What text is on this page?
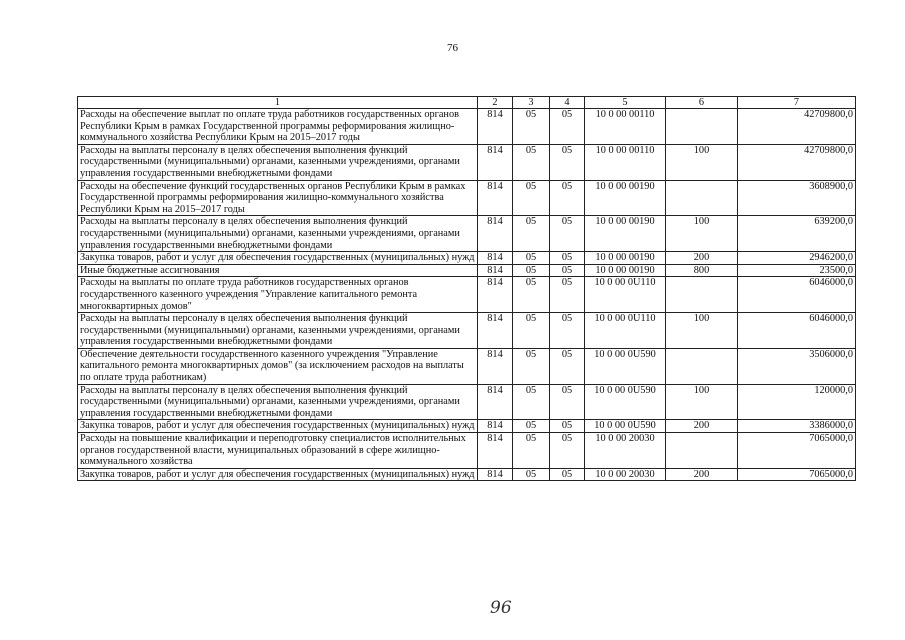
76
1	2	3	4	5	6	7
Расходы на обеспечение выплат по оплате труда работников государственных органов Республики Крым в рамках Государственной программы реформирования жилищно-коммунального хозяйства Республики Крым на 2015–2017 годы	814	05	05	10 0 00 00110		42709800,0
Расходы на выплаты персоналу в целях обеспечения выполнения функций государственными (муниципальными) органами, казенными учреждениями, органами управления государственными внебюджетными фондами	814	05	05	10 0 00 00110	100	42709800,0
Расходы на обеспечение функций государственных органов Республики Крым в рамках Государственной программы реформирования жилищно-коммунального хозяйства Республики Крым на 2015–2017 годы	814	05	05	10 0 00 00190		3608900,0
Расходы на выплаты персоналу в целях обеспечения выполнения функций государственными (муниципальными) органами, казенными учреждениями, органами управления государственными внебюджетными фондами	814	05	05	10 0 00 00190	100	639200,0
Закупка товаров, работ и услуг для обеспечения государственных (муниципальных) нужд	814	05	05	10 0 00 00190	200	2946200,0
Иные бюджетные ассигнования	814	05	05	10 0 00 00190	800	23500,0
Расходы на выплаты по оплате труда работников государственных органов государственного казенного учреждения "Управление капитального ремонта многоквартирных домов"	814	05	05	10 0 00 0U110		6046000,0
Расходы на выплаты персоналу в целях обеспечения выполнения функций государственными (муниципальными) органами, казенными учреждениями, органами управления государственными внебюджетными фондами	814	05	05	10 0 00 0U110	100	6046000,0
Обеспечение деятельности государственного казенного учреждения "Управление капитального ремонта многоквартирных домов" (за исключением расходов на выплаты по оплате труда работникам)	814	05	05	10 0 00 0U590		3506000,0
Расходы на выплаты персоналу в целях обеспечения выполнения функций государственными (муниципальными) органами, казенными учреждениями, органами управления государственными внебюджетными фондами	814	05	05	10 0 00 0U590	100	120000,0
Закупка товаров, работ и услуг для обеспечения государственных (муниципальных) нужд	814	05	05	10 0 00 0U590	200	3386000,0
Расходы на повышение квалификации и переподготовку специалистов исполнительных органов государственной власти, муниципальных образований в сфере жилищно-коммунального хозяйства	814	05	05	10 0 00 20030		7065000,0
Закупка товаров, работ и услуг для обеспечения государственных (муниципальных) нужд	814	05	05	10 0 00 20030	200	7065000,0
96
